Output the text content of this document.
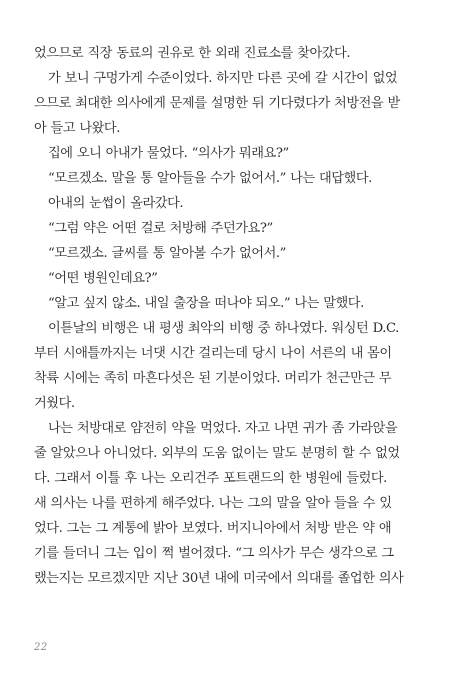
었으므로 직장 동료의 권유로 한 외래 진료소를 찾아갔다.
가 보니 구멍가게 수준이었다. 하지만 다른 곳에 갈 시간이 없었
으므로 최대한 의사에게 문제를 설명한 뒤 기다렸다가 처방전을 받
아 들고 나왔다.
집에 오니 아내가 물었다. “의사가 뭐래요?”
“모르겠소. 말을 통 알아들을 수가 없어서.” 나는 대답했다.
아내의 눈썹이 올라갔다.
“그럼 약은 어떤 걸로 처방해 주던가요?”
“모르겠소. 글씨를 통 알아볼 수가 없어서.”
“어떤 병원인데요?”
“알고 싶지 않소. 내일 출장을 떠나야 되오.” 나는 말했다.
이튿날의 비행은 내 평생 최악의 비행 중 하나였다. 워싱턴 D.C.
부터 시애틀까지는 너댓 시간 걸리는데 당시 나이 서른의 내 몸이
착륙 시에는 족히 마흔다섯은 된 기분이었다. 머리가 천근만근 무
거웠다.
나는 처방대로 얌전히 약을 먹었다. 자고 나면 귀가 좀 가라앉을
줄 알았으나 아니었다. 외부의 도움 없이는 말도 분명히 할 수 없었
다. 그래서 이틀 후 나는 오리건주 포트랜드의 한 병원에 들렀다.
새 의사는 나를 편하게 해주었다. 나는 그의 말을 알아 들을 수 있
었다. 그는 그 계통에 밝아 보였다. 버지니아에서 처방 받은 약 애
기를 들더니 그는 입이 쩍 벌어졌다. “그 의사가 무슨 생각으로 그
랬는지는 모르겠지만 지난 30년 내에 미국에서 의대를 졸업한 의사
22
